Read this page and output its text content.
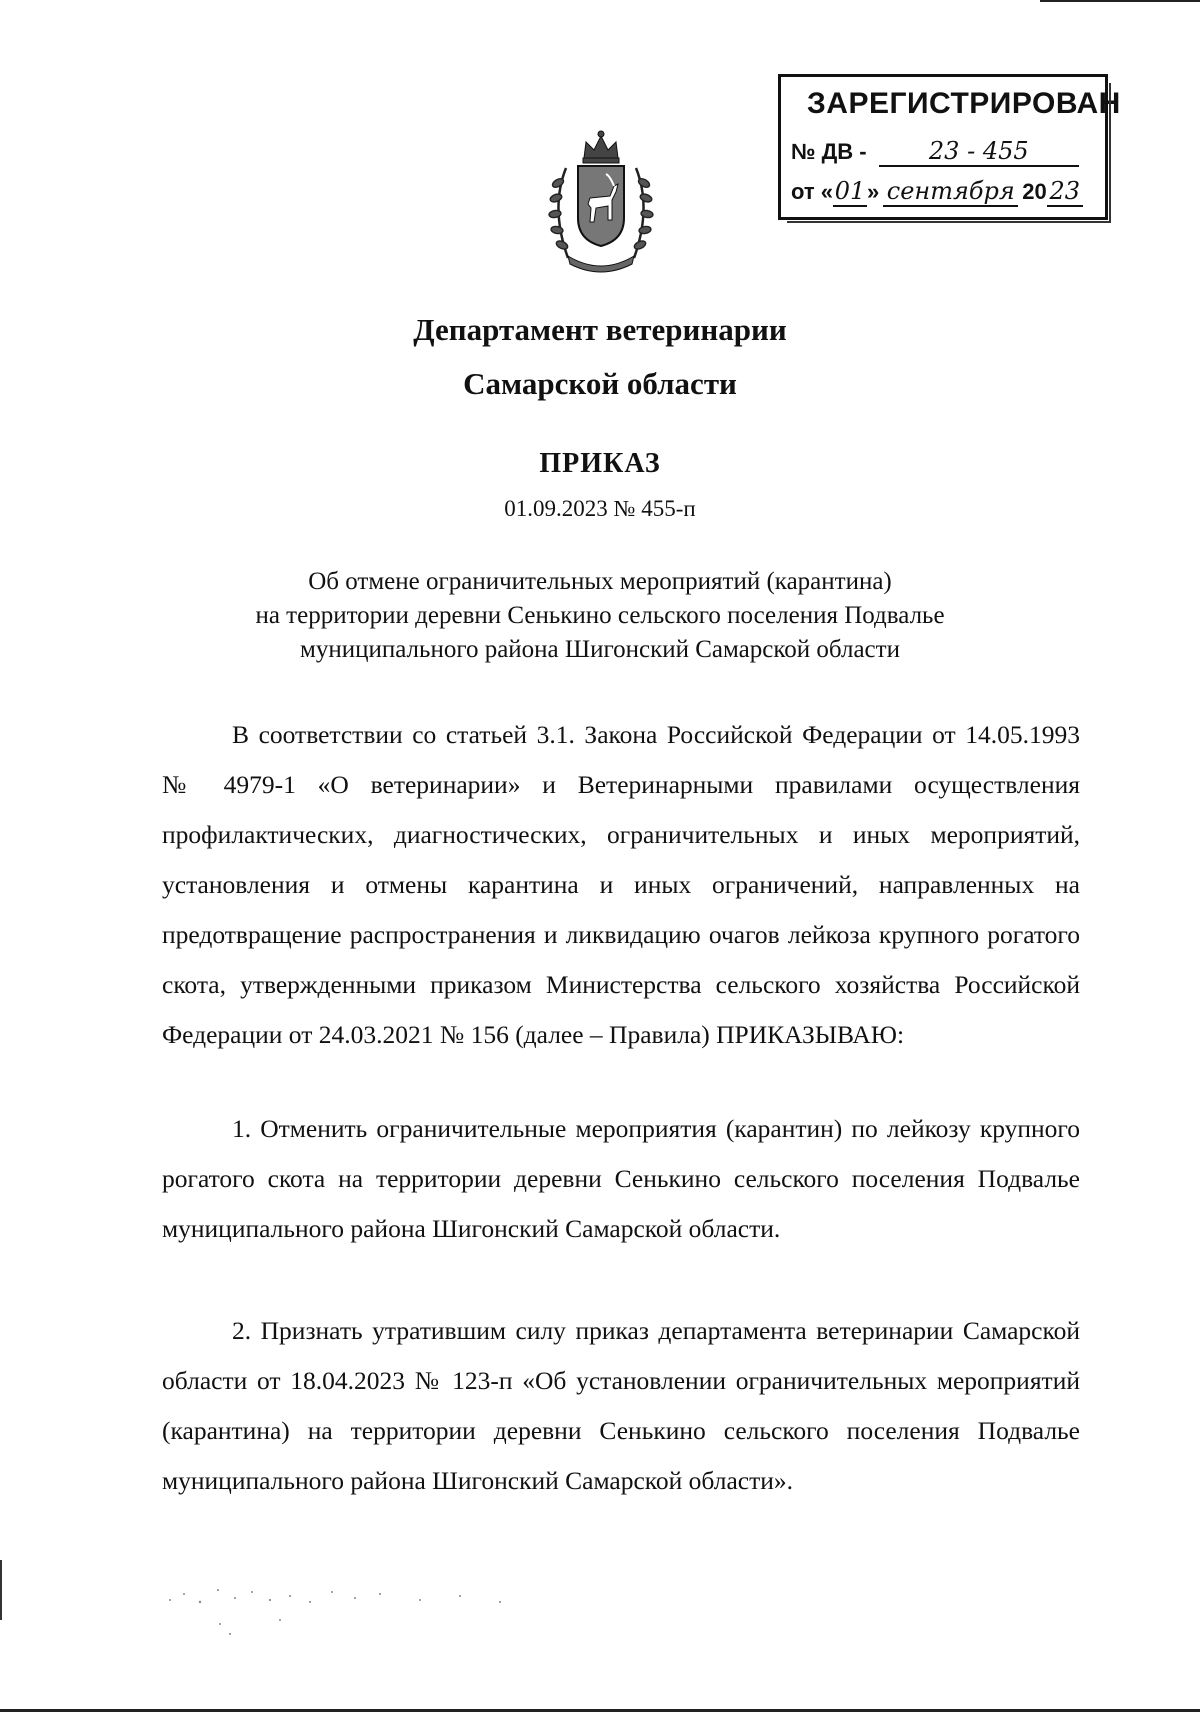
ЗАРЕГИСТРИРОВАН
№ ДВ -	23 - 455
от «01» сентября 20 23
Департамент ветеринарии
Самарской области
ПРИКАЗ
01.09.2023 № 455-п
Об отмене ограничительных мероприятий (карантина)
на территории деревни Сенькино сельского поселения Подвалье
муниципального района Шигонский Самарской области

В соответствии со статьей 3.1. Закона Российской Федерации от 14.05.1993 № 4979-1 «О ветеринарии» и Ветеринарными правилами осуществления профилактических, диагностических, ограничительных и иных мероприятий, установления и отмены карантина и иных ограничений, направленных на предотвращение распространения и ликвидацию очагов лейкоза крупного рогатого скота, утвержденными приказом Министерства сельского хозяйства Российской Федерации от 24.03.2021 № 156 (далее – Правила) ПРИКАЗЫВАЮ:

1. Отменить ограничительные мероприятия (карантин) по лейкозу крупного рогатого скота на территории деревни Сенькино сельского поселения Подвалье муниципального района Шигонский Самарской области.

2. Признать утратившим силу приказ департамента ветеринарии Самарской области от 18.04.2023 № 123-п «Об установлении ограничительных мероприятий (карантина) на территории деревни Сенькино сельского поселения Подвалье муниципального района Шигонский Самарской области».
